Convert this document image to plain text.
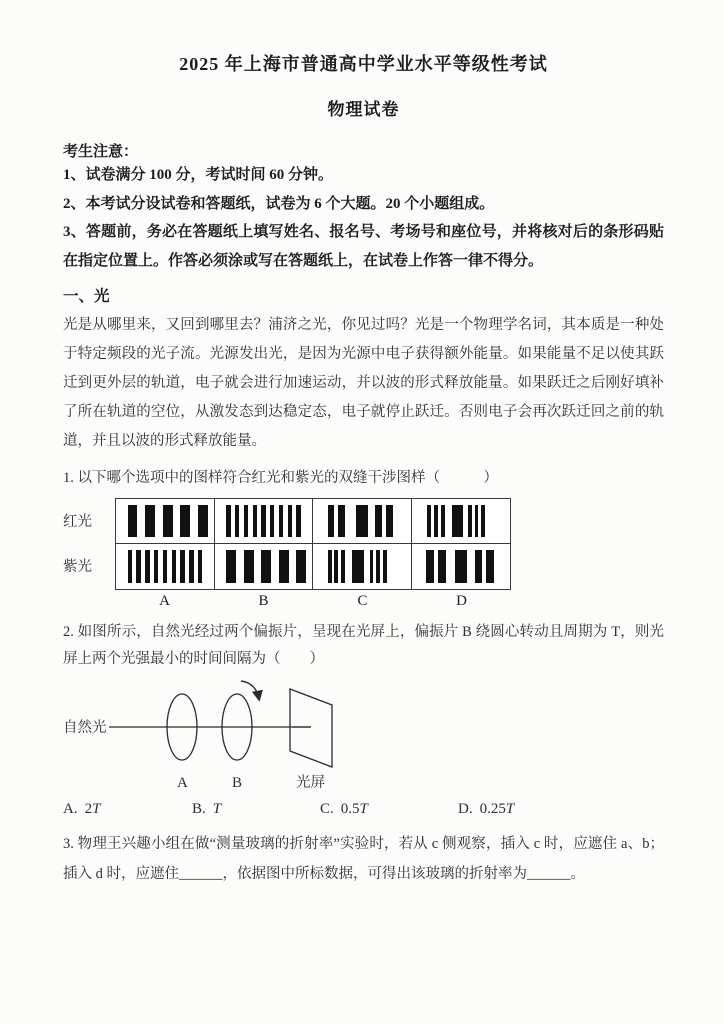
2025 年上海市普通高中学业水平等级性考试
物理试卷
考生注意：
1、试卷满分 100 分，考试时间 60 分钟。
2、本考试分设试卷和答题纸，试卷为 6 个大题。20 个小题组成。
3、答题前，务必在答题纸上填写姓名、报名号、考场号和座位号，并将核对后的条形码贴在指定位置上。作答必须涂或写在答题纸上，在试卷上作答一律不得分。
一、光
光是从哪里来，又回到哪里去？浦济之光，你见过吗？光是一个物理学名词，其本质是一种处于特定频段的光子流。光源发出光，是因为光源中电子获得额外能量。如果能量不足以使其跃迁到更外层的轨道，电子就会进行加速运动，并以波的形式释放能量。如果跃迁之后刚好填补了所在轨道的空位，从激发态到达稳定态，电子就停止跃迁。否则电子会再次跃迁回之前的轨道，并且以波的形式释放能量。
1. 以下哪个选项中的图样符合红光和紫光的双缝干涉图样（　　　）
红光
紫光
A	B	C	D
2. 如图所示，自然光经过两个偏振片，呈现在光屏上，偏振片 B 绕圆心转动且周期为 T，则光屏上两个光强最小的时间间隔为（　　）
自然光
A	B	光屏
A. 2T	B. T	C. 0.5T	D. 0.25T
3. 物理王兴趣小组在做“测量玻璃的折射率”实验时，若从 c 侧观察，插入 c 时，应遮住 a、b；插入 d 时，应遮住______，依据图中所标数据，可得出该玻璃的折射率为______。
